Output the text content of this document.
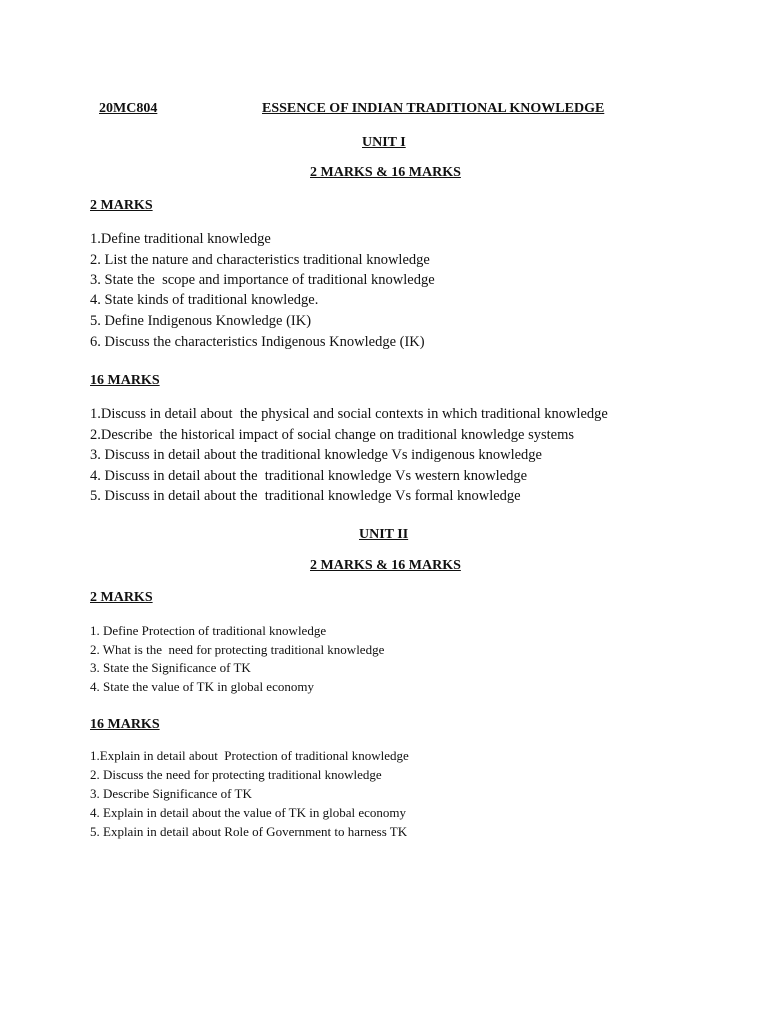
20MC804	ESSENCE OF INDIAN TRADITIONAL KNOWLEDGE
UNIT I
2 MARKS & 16 MARKS
2 MARKS
1.Define traditional knowledge
2. List the nature and characteristics traditional knowledge
3. State the  scope and importance of traditional knowledge
4. State kinds of traditional knowledge.
5. Define Indigenous Knowledge (IK)
6. Discuss the characteristics Indigenous Knowledge (IK)
16 MARKS
1.Discuss in detail about  the physical and social contexts in which traditional knowledge
2.Describe  the historical impact of social change on traditional knowledge systems
3. Discuss in detail about the traditional knowledge Vs indigenous knowledge
4. Discuss in detail about the  traditional knowledge Vs western knowledge
5. Discuss in detail about the  traditional knowledge Vs formal knowledge
UNIT II
2 MARKS & 16 MARKS
2 MARKS
1. Define Protection of traditional knowledge
2. What is the  need for protecting traditional knowledge
3. State the Significance of TK
4. State the value of TK in global economy
16 MARKS
1.Explain in detail about  Protection of traditional knowledge
2. Discuss the need for protecting traditional knowledge
3. Describe Significance of TK
4. Explain in detail about the value of TK in global economy
5. Explain in detail about Role of Government to harness TK
